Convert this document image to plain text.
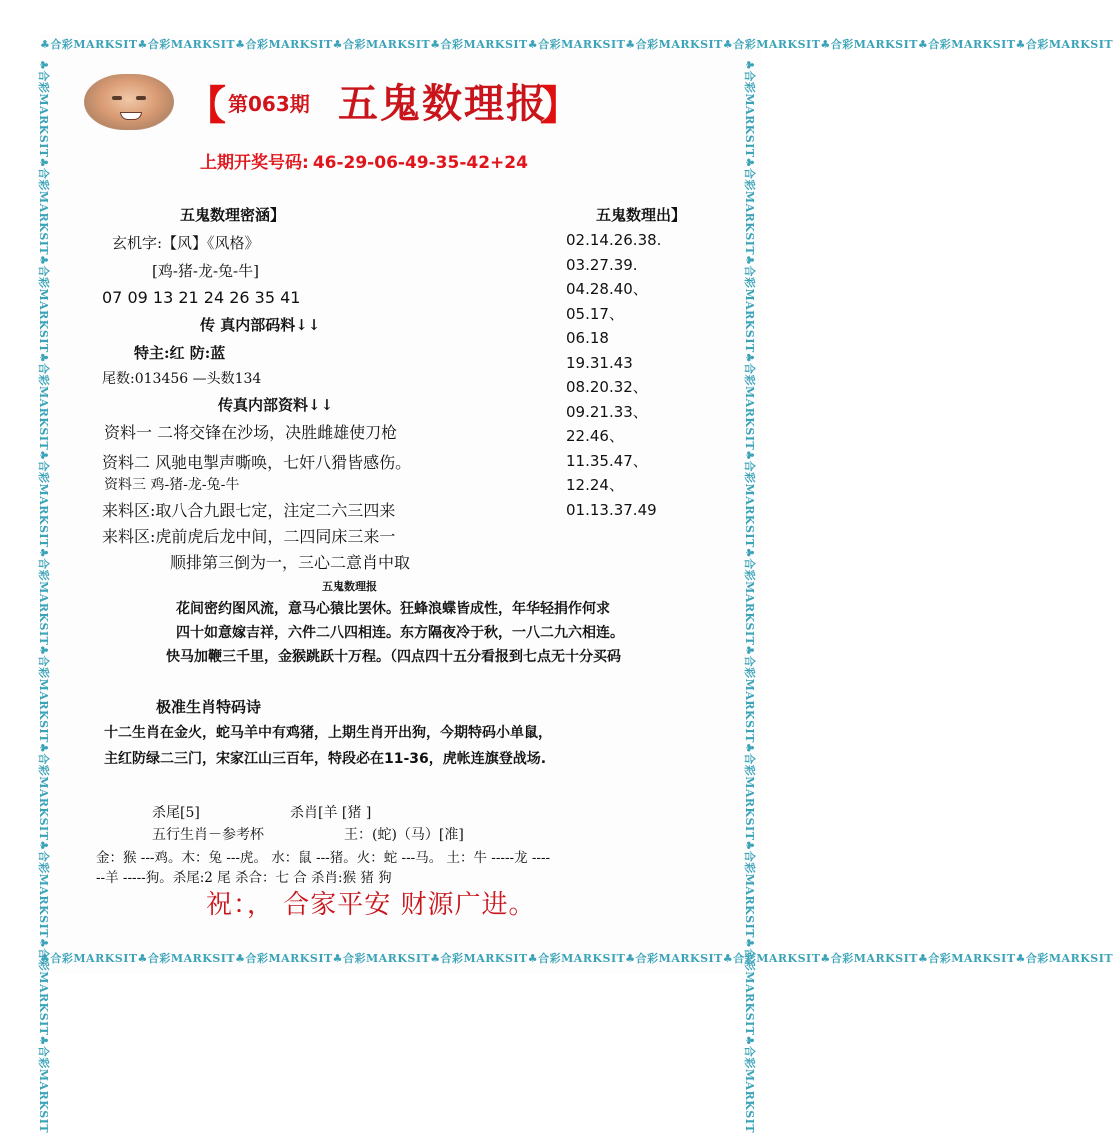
♣合彩MARKSIT♣合彩MARKSIT♣合彩MARKSIT♣合彩MARKSIT♣合彩MARKSIT♣合彩MARKSIT♣合彩MARKSIT♣合彩MARKSIT♣合彩MARKSIT♣合彩MARKSIT♣合彩MARKSIT
♣合彩MARKSIT♣合彩MARKSIT♣合彩MARKSIT♣合彩MARKSIT♣合彩MARKSIT♣合彩MARKSIT♣合彩MARKSIT♣合彩MARKSIT♣合彩MARKSIT♣合彩MARKSIT♣合彩MARKSIT
♣合彩MARKSIT♣合彩MARKSIT♣合彩MARKSIT♣合彩MARKSIT♣合彩MARKSIT♣合彩MARKSIT♣合彩MARKSIT♣合彩MARKSIT♣合彩MARKSIT♣合彩MARKSIT♣合彩MARKSIT	♣合彩MARKSIT♣合彩MARKSIT♣合彩MARKSIT♣合彩MARKSIT♣合彩MARKSIT♣合彩MARKSIT♣合彩MARKSIT♣合彩MARKSIT♣合彩MARKSIT♣合彩MARKSIT♣合彩MARKSIT
【 第063期 五鬼数理报
】
上期开奖号码: 46-29-06-49-35-42+24
五鬼数理密涵】
玄机字:【风】《风格》
[鸡-猪-龙-兔-牛]
07 09 13 21 24 26 35 41
传 真内部码料↓↓
特主:红 防:蓝
尾数:013456 —头数134
传真内部资料↓↓
资料一 二将交锋在沙场，决胜雌雄使刀枪
资料二 风驰电掣声嘶唤，七奸八猾皆感伤。
资料三 鸡-猪-龙-兔-牛
来料区:取八合九跟七定，注定二六三四来
来料区:虎前虎后龙中间，二四同床三来一
顺排第三倒为一，三心二意肖中取
五鬼数理出】
02.14.26.38.
03.27.39.
04.28.40、
05.17、
06.18
19.31.43
08.20.32、
09.21.33、
22.46、
11.35.47、
12.24、
01.13.37.49
五鬼数理报
花间密约图风流，意马心猿比罢休。狂蜂浪蝶皆成性，年华轻捐作何求
四十如意嫁吉祥，六件二八四相连。东方隔夜冷于秋，一八二九六相连。
快马加鞭三千里，金猴跳跃十万程。（四点四十五分看报到七点无十分买码
极准生肖特码诗
十二生肖在金火，蛇马羊中有鸡猪，上期生肖开出狗，今期特码小单鼠，
主红防绿二三门，宋家江山三百年，特段必在11-36，虎帐连旗登战场.
杀尾[5]	杀肖[羊 [猪 ]
五行生肖－参考杯	王：(蛇)（马）[准]
金：猴 ---鸡。木：兔 ---虎。 水：鼠 ---猪。火：蛇 ---马。 土：牛 -----龙 ----
--羊 -----狗。杀尾:2 尾 杀合：七 合 杀肖:猴 猪 狗
祝：， 合家平安 财源广进。
